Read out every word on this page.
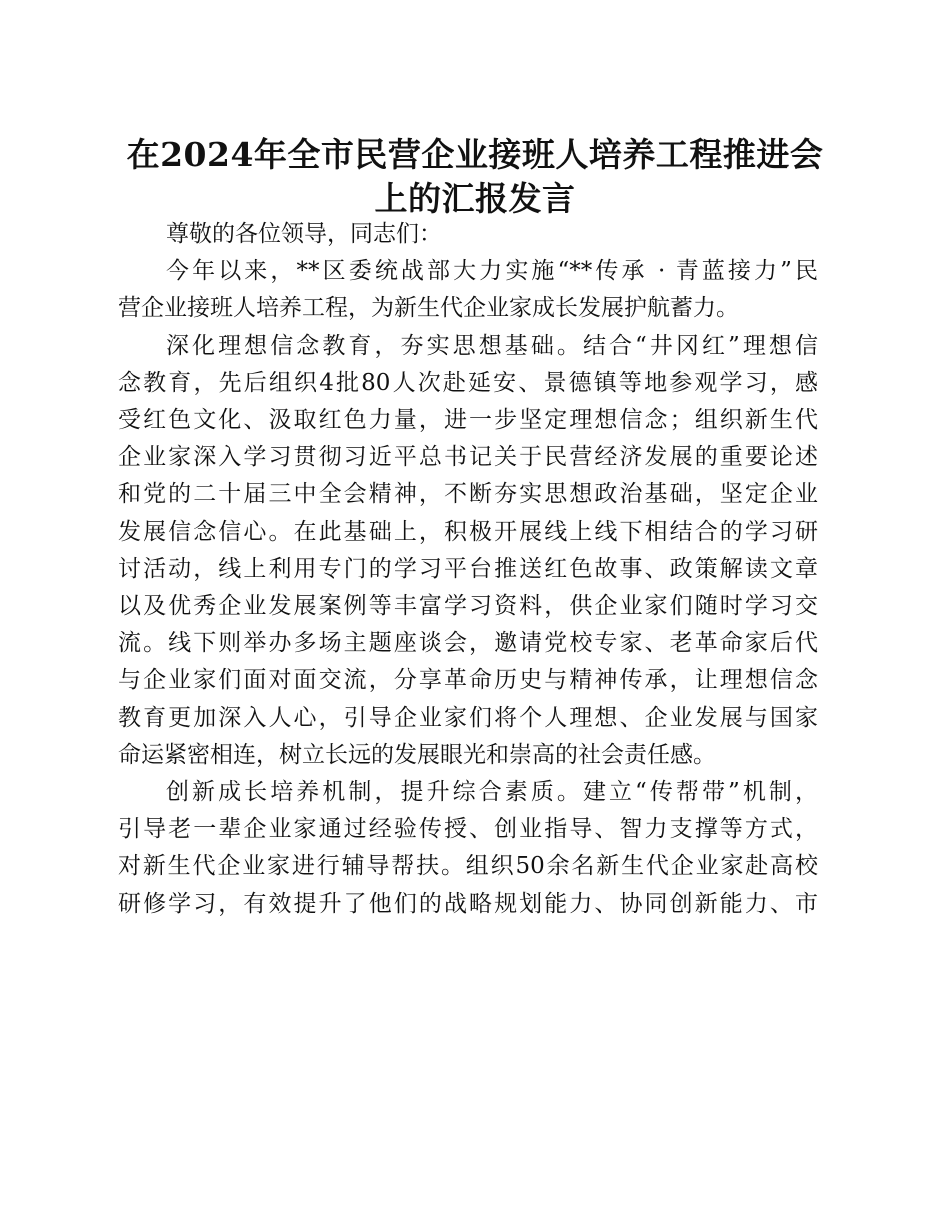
在2024年全市民营企业接班人培养工程推进会
上的汇报发言

尊敬的各位领导，同志们：

今年以来，**区委统战部大力实施“**传承 · 青蓝接力”民
营企业接班人培养工程，为新生代企业家成长发展护航蓄力。

深化理想信念教育，夯实思想基础。结合“井冈红”理想信
念教育，先后组织4批80人次赴延安、景德镇等地参观学习，感
受红色文化、汲取红色力量，进一步坚定理想信念；组织新生代
企业家深入学习贯彻习近平总书记关于民营经济发展的重要论述
和党的二十届三中全会精神，不断夯实思想政治基础，坚定企业
发展信念信心。在此基础上，积极开展线上线下相结合的学习研
讨活动，线上利用专门的学习平台推送红色故事、政策解读文章
以及优秀企业发展案例等丰富学习资料，供企业家们随时学习交
流。线下则举办多场主题座谈会，邀请党校专家、老革命家后代
与企业家们面对面交流，分享革命历史与精神传承，让理想信念
教育更加深入人心，引导企业家们将个人理想、企业发展与国家
命运紧密相连，树立长远的发展眼光和崇高的社会责任感。

创新成长培养机制，提升综合素质。建立“传帮带”机制，
引导老一辈企业家通过经验传授、创业指导、智力支撑等方式，
对新生代企业家进行辅导帮扶。组织50余名新生代企业家赴高校
研修学习，有效提升了他们的战略规划能力、协同创新能力、市
